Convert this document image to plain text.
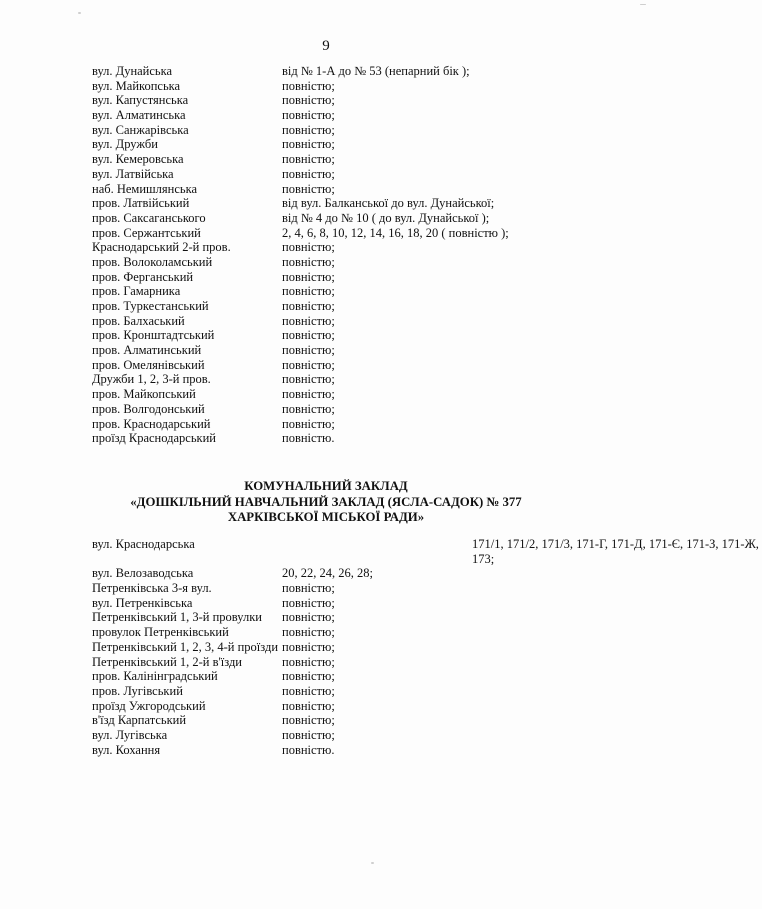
9
вул. Дунайська	від № 1-А до № 53 (непарний бік );
вул. Майкопська	повністю;
вул. Капустянська	повністю;
вул. Алматинська	повністю;
вул. Санжарівська	повністю;
вул. Дружби	повністю;
вул. Кемеровська	повністю;
вул. Латвійська	повністю;
наб. Немишлянська	повністю;
пров. Латвійський	від вул. Балканської до вул. Дунайської;
пров. Саксаганського	від № 4 до № 10 ( до вул. Дунайської );
пров. Сержантський	2, 4, 6, 8, 10, 12, 14, 16, 18, 20 ( повністю );
Краснодарський 2-й пров.	повністю;
пров. Волоколамський	повністю;
пров. Ферганський	повністю;
пров. Гамарника	повністю;
пров. Туркестанський	повністю;
пров. Балхаський	повністю;
пров. Кронштадтський	повністю;
пров. Алматинський	повністю;
пров. Омелянівський	повністю;
Дружби 1, 2, 3-й пров.	повністю;
пров. Майкопський	повністю;
пров. Волгодонський	повністю;
пров. Краснодарський	повністю;
проїзд Краснодарський	повністю.
КОМУНАЛЬНИЙ ЗАКЛАД
«ДОШКІЛЬНИЙ НАВЧАЛЬНИЙ ЗАКЛАД (ЯСЛА-САДОК) № 377
ХАРКІВСЬКОЇ МІСЬКОЇ РАДИ»
вул. Краснодарська	171/1, 171/2, 171/3, 171-Г, 171-Д, 171-Є, 171-З, 171-Ж, 173;
вул. Велозаводська	20, 22, 24, 26, 28;
Петренківська 3-я вул.	повністю;
вул. Петренківська	повністю;
Петренківський 1, 3-й провулки повністю;
провулок Петренківський	повністю;
Петренківський 1, 2, 3, 4-й проїзди повністю;
Петренківський 1, 2-й в'їзди	повністю;
пров. Калінінградський	повністю;
пров. Лугівський	повністю;
проїзд Ужгородський	повністю;
в'їзд Карпатський	повністю;
вул. Лугівська	повністю;
вул. Кохання	повністю.
